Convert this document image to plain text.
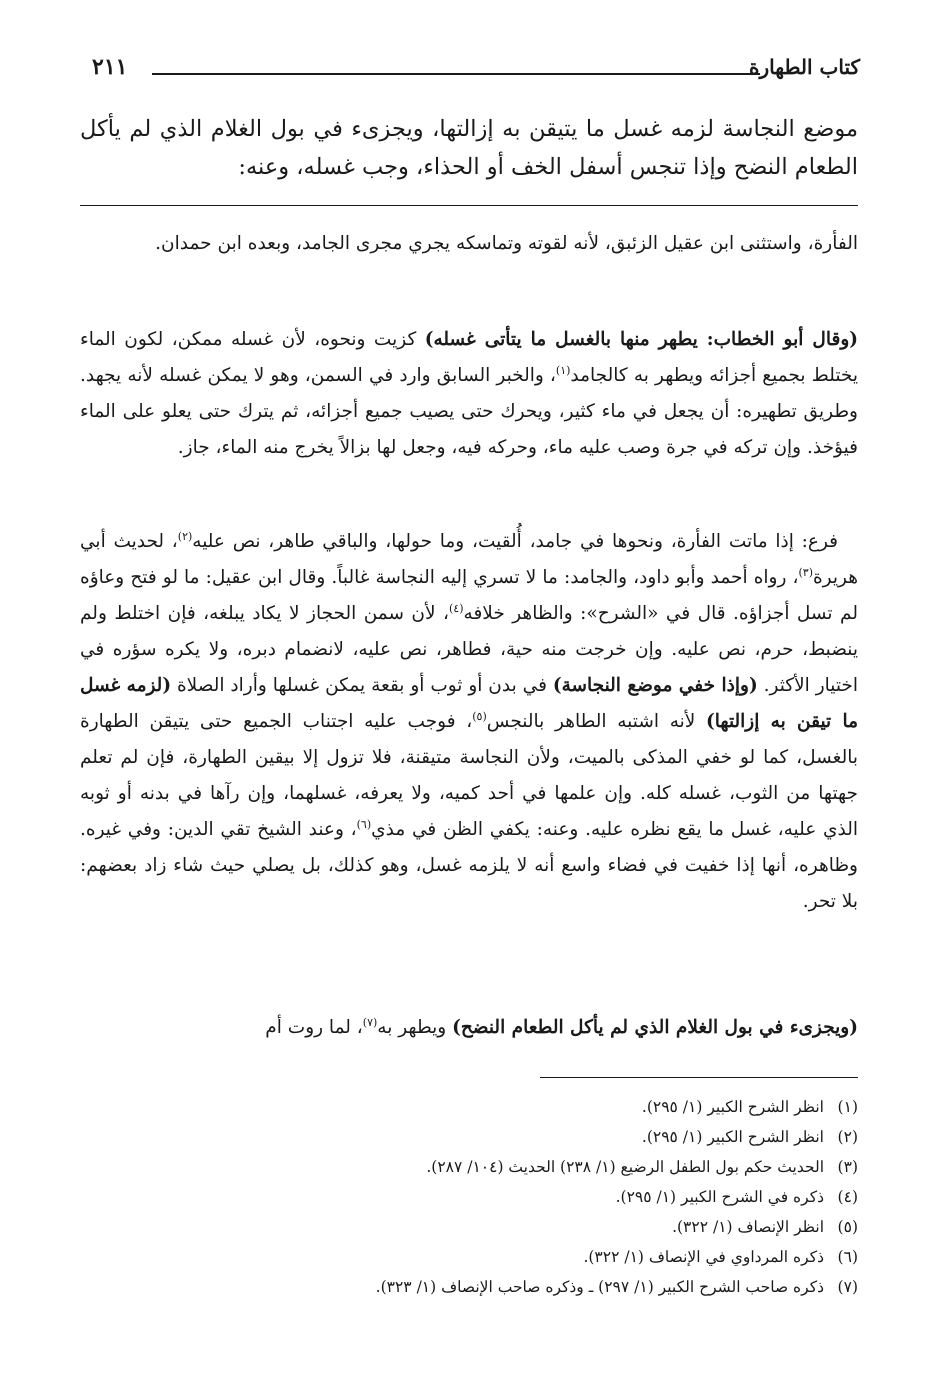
كتاب الطهارة
٢١١
موضع النجاسة لزمه غسل ما يتيقن به إزالتها، ويجزىء في بول الغلام الذي لم يأكل الطعام النضح وإذا تنجس أسفل الخف أو الحذاء، وجب غسله، وعنه:

الفأرة، واستثنى ابن عقيل الزئبق، لأنه لقوته وتماسكه يجري مجرى الجامد، وبعده ابن حمدان.

(وقال أبو الخطاب: يطهر منها بالغسل ما يتأتى غسله) كزيت ونحوه، لأن غسله ممكن، لكون الماء يختلط بجميع أجزائه ويطهر به كالجامد$^{(١)}$، والخبر السابق وارد في السمن، وهو لا يمكن غسله لأنه يجهد. وطريق تطهيره: أن يجعل في ماء كثير، ويحرك حتى يصيب جميع أجزائه، ثم يترك حتى يعلو على الماء فيؤخذ. وإن تركه في جرة وصب عليه ماء، وحركه فيه، وجعل لها بزالاً يخرج منه الماء، جاز.

فرع: إذا ماتت الفأرة، ونحوها في جامد، أُلقيت، وما حولها، والباقي طاهر، نص عليه$^{(٢)}$، لحديث أبي هريرة$^{(٣)}$، رواه أحمد وأبو داود، والجامد: ما لا تسري إليه النجاسة غالباً. وقال ابن عقيل: ما لو فتح وعاؤه لم تسل أجزاؤه. قال في «الشرح»: والظاهر خلافه$^{(٤)}$، لأن سمن الحجاز لا يكاد يبلغه، فإن اختلط ولم ينضبط، حرم، نص عليه. وإن خرجت منه حية، فطاهر، نص عليه، لانضمام دبره، ولا يكره سؤره في اختيار الأكثر. (وإذا خفي موضع النجاسة) في بدن أو ثوب أو بقعة يمكن غسلها وأراد الصلاة (لزمه غسل ما تيقن به إزالتها) لأنه اشتبه الطاهر بالنجس$^{(٥)}$، فوجب عليه اجتناب الجميع حتى يتيقن الطهارة بالغسل، كما لو خفي المذكى بالميت، ولأن النجاسة متيقنة، فلا تزول إلا بيقين الطهارة، فإن لم تعلم جهتها من الثوب، غسله كله. وإن علمها في أحد كميه، ولا يعرفه، غسلهما، وإن رآها في بدنه أو ثوبه الذي عليه، غسل ما يقع نظره عليه. وعنه: يكفي الظن في مذي$^{(٦)}$، وعند الشيخ تقي الدين: وفي غيره. وظاهره، أنها إذا خفيت في فضاء واسع أنه لا يلزمه غسل، وهو كذلك، بل يصلي حيث شاء زاد بعضهم: بلا تحر.

(ويجزىء في بول الغلام الذي لم يأكل الطعام النضح) ويطهر به$^{(٧)}$، لما روت أم

(١)انظر الشرح الكبير (١/ ٢٩٥).
(٢)انظر الشرح الكبير (١/ ٢٩٥).
(٣)الحديث حكم بول الطفل الرضيع (١/ ٢٣٨) الحديث (١٠٤/ ٢٨٧).
(٤)ذكره في الشرح الكبير (١/ ٢٩٥).
(٥)انظر الإنصاف (١/ ٣٢٢).
(٦)ذكره المرداوي في الإنصاف (١/ ٣٢٢).
(٧)ذكره صاحب الشرح الكبير (١/ ٢٩٧) ـ وذكره صاحب الإنصاف (١/ ٣٢٣).
